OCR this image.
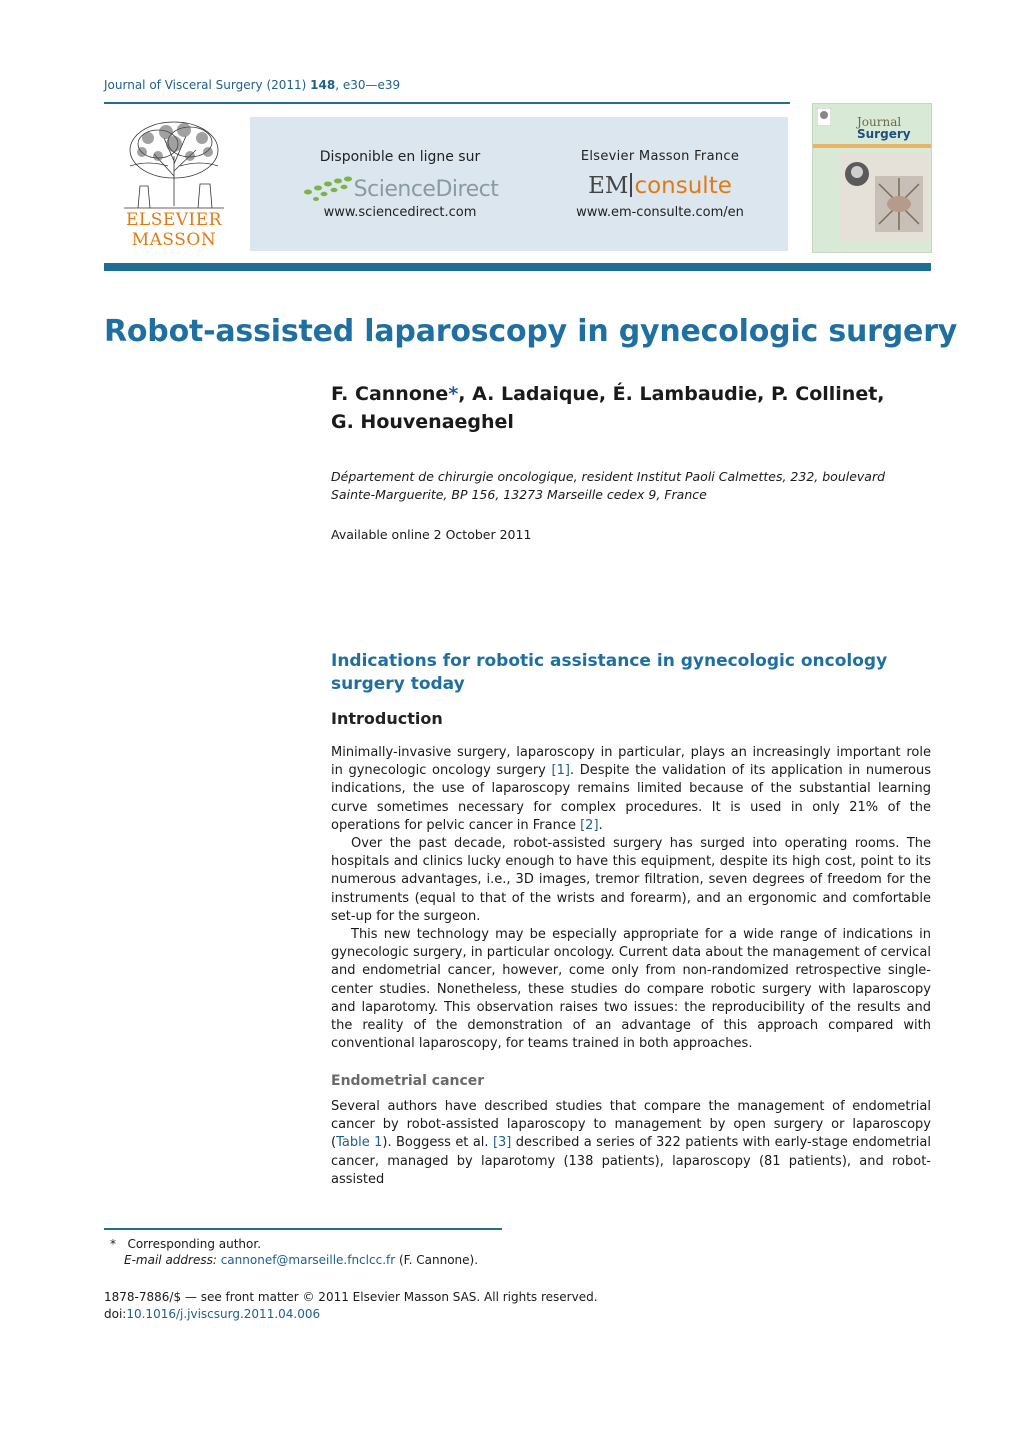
Journal of Visceral Surgery (2011) 148, e30—e39
ELSEVIER
MASSON
Disponible en ligne sur
ScienceDirect
www.sciencedirect.com
Elsevier Masson France
EM consulte
www.em-consulte.com/en
Journal
Surgery
Robot-assisted laparoscopy in gynecologic surgery
F. Cannone*, A. Ladaique, É. Lambaudie, P. Collinet,
G. Houvenaeghel
Département de chirurgie oncologique, resident Institut Paoli Calmettes, 232, boulevard Sainte-Marguerite, BP 156, 13273 Marseille cedex 9, France
Available online 2 October 2011
Indications for robotic assistance in gynecologic oncology surgery today
Introduction

Minimally-invasive surgery, laparoscopy in particular, plays an increasingly important role in gynecologic oncology surgery [1]. Despite the validation of its application in numerous indications, the use of laparoscopy remains limited because of the substantial learning curve sometimes necessary for complex procedures. It is used in only 21% of the operations for pelvic cancer in France [2].

Over the past decade, robot-assisted surgery has surged into operating rooms. The hospitals and clinics lucky enough to have this equipment, despite its high cost, point to its numerous advantages, i.e., 3D images, tremor filtration, seven degrees of freedom for the instruments (equal to that of the wrists and forearm), and an ergonomic and comfortable set-up for the surgeon.

This new technology may be especially appropriate for a wide range of indications in gynecologic surgery, in particular oncology. Current data about the management of cervical and endometrial cancer, however, come only from non-randomized retrospective single-center studies. Nonetheless, these studies do compare robotic surgery with laparoscopy and laparotomy. This observation raises two issues: the reproducibility of the results and the reality of the demonstration of an advantage of this approach compared with conventional laparoscopy, for teams trained in both approaches.

Endometrial cancer

Several authors have described studies that compare the management of endometrial cancer by robot-assisted laparoscopy to management by open surgery or laparoscopy (Table 1). Boggess et al. [3] described a series of 322 patients with early-stage endometrial cancer, managed by laparotomy (138 patients), laparoscopy (81 patients), and robot-assisted

* Corresponding author.
E-mail address: cannonef@marseille.fnclcc.fr (F. Cannone).
1878-7886/$ — see front matter © 2011 Elsevier Masson SAS. All rights reserved.
doi:10.1016/j.jviscsurg.2011.04.006
